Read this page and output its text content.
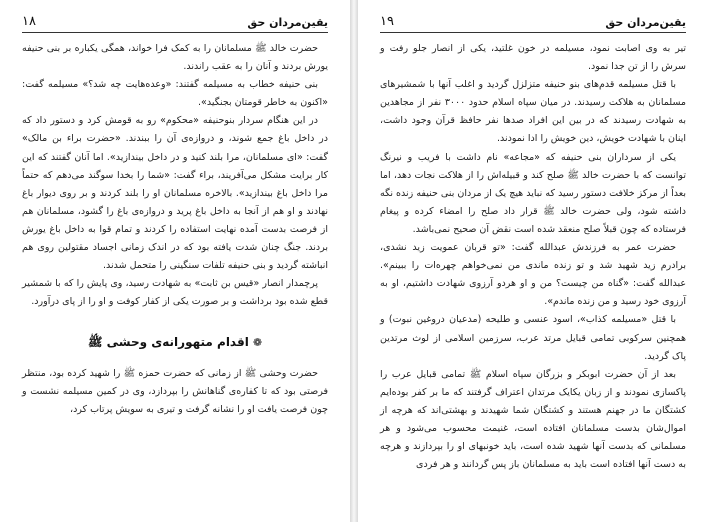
یقین‌مردان حق
۱۹

تیر به وی اصابت نمود، مسیلمه در خون غلتید، یکی از انصار جلو رفت و سرش را از تن جدا نمود.

با قتل مسیلمه قدم‌های بنو حنیفه متزلزل گردید و اغلب آنها با شمشیرهای مسلمانان به هلاکت رسیدند. در میان سپاه اسلام حدود ۳۰۰۰ نفر از مجاهدین به شهادت رسیدند که در بین این افراد صدها نفر حافظ قرآن وجود داشت، اینان با شهادت خویش، دین خویش را ادا نمودند.

یکی از سرداران بنی حنیفه که «مجاعه» نام داشت با فریب و نیرنگ توانست که با حضرت خالد ﷺ صلح کند و قبیله‌اش را از هلاکت نجات دهد، اما بعداً از مرکز خلافت دستور رسید که نباید هیچ یک از مردان بنی حنیفه زنده نگه داشته شود، ولی حضرت خالد ﷺ قرار داد صلح را امضاء کرده و پیغام فرستاده که چون قبلاً صلح منعقد شده است نقض آن صحیح نمی‌باشد.

حضرت عمر به فرزندش عبدالله گفت: «تو قربان عمویت زید نشدی، برادرم زید شهید شد و تو زنده ماندی من نمی‌خواهم چهره‌ات را ببینم». عبدالله گفت: «گناه من چیست؟ من و او هردو آرزوی شهادت داشتیم، او به آرزوی خود رسید و من زنده ماندم».

با قتل «مسیلمه کذاب»، اسود عنسی و طلیحه (مدعیان دروغین نبوت) و همچنین سرکوبی تمامی قبایل مرتد عرب، سرزمین اسلامی از لوث مرتدین پاک گردید.

بعد از آن حضرت ابوبکر و بزرگان سپاه اسلام ﷺ تمامی قبایل عرب را پاکسازی نمودند و از زبان یکایک مرتدان اعتراف گرفتند که ما بر کفر بوده‌ایم کشتگان ما در جهنم هستند و کشتگان شما شهیدند و بهشتی‌اند که هرچه از اموال‌شان بدست مسلمانان افتاده است، غنیمت محسوب می‌شود و هر مسلمانی که بدست آنها شهید شده است، باید خونبهای او را بپردازند و هرچه به دست آنها افتاده است باید به مسلمانان باز پس گردانند و هر فردی

یقین‌مردان حق
۱۸

حضرت خالد ﷺ مسلمانان را به کمک فرا خواند، همگی یکباره بر بنی حنیفه یورش بردند و آنان را به عقب راندند.

بنی حنیفه خطاب به مسیلمه گفتند: «وعده‌هایت چه شد؟» مسیلمه گفت: «اکنون به خاطر قومتان بجنگید».

در این هنگام سردار بنوحنیفه «محکوم» رو به قومش کرد و دستور داد که در داخل باغ جمع شوند، و دروازه‌ی آن را ببندند. «حضرت براء بن مالک» گفت: «ای مسلمانان، مرا بلند کنید و در داخل بیندازید». اما آنان گفتند که این کار برایت مشکل می‌آفریند، براء گفت: «شما را بخدا سوگند می‌دهم که حتماً مرا داخل باغ بیندازید». بالاخره مسلمانان او را بلند کردند و بر روی دیوار باغ نهادند و او هم از آنجا به داخل باغ پرید و دروازه‌ی باغ را گشود، مسلمانان هم از فرصت بدست آمده نهایت استفاده را کردند و تمام قوا به داخل باغ یورش بردند. جنگ چنان شدت یافته بود که در اندک زمانی اجساد مقتولین روی هم انباشته گردید و بنی حنیفه تلفات سنگینی را متحمل شدند.

پرچمدار انصار «قیس بن ثابت» به شهادت رسید، وی پایش را که با شمشیر قطع شده بود برداشت و بر صورت یکی از کفار کوفت و او را از پای درآورد.

❁اقدام متهورانه‌ی وحشی ﷺ

حضرت وحشی ﷺ از زمانی که حضرت حمزه ﷺ را شهید کرده بود، منتظر فرصتی بود که تا کفاره‌ی گناهانش را بپردازد، وی در کمین مسیلمه نشست و چون فرصت یافت او را نشانه گرفت و تیری به سویش پرتاب کرد،
